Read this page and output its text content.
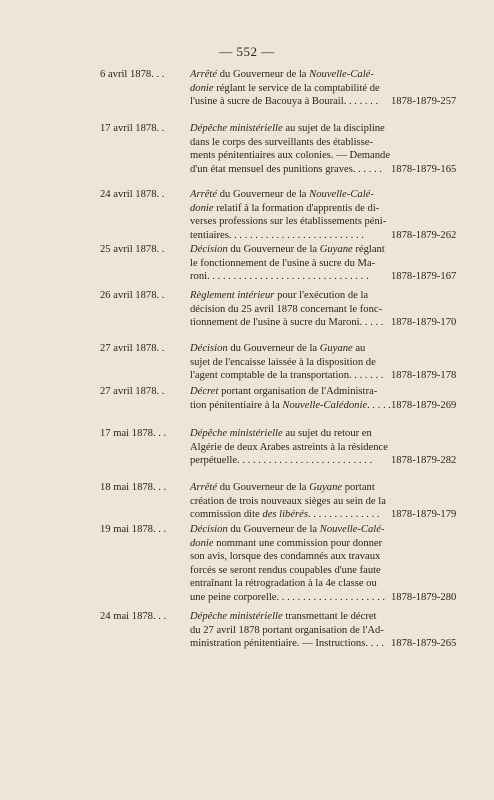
— 552 —
6 avril 1878. . . Arrêté du Gouverneur de la Nouvelle-Calé-
donie réglant le service de la comptabilité de
l'usine à sucre de Bacouya à Bourail. . . . . . .	1878-1879-257
17 avril 1878. . Dépêche ministérielle au sujet de la discipline
dans le corps des surveillants des établisse-
ments pénitentiaires aux colonies. — Demande
d'un état mensuel des punitions graves. . . . . . 1878-1879-165
24 avril 1878. . Arrêté du Gouverneur de la Nouvelle-Calé-
donie relatif à la formation d'apprentis de di-
verses professions sur les établissements péni-
tentiaires. . . . . . . . . . . . . . . . . . . . . . . . . .	1878-1879-262
25 avril 1878. . Décision du Gouverneur de la Guyane réglant
le fonctionnement de l'usine à sucre du Ma-
roni. . . . . . . . . . . . . . . . . . . . . . . . . . . . . . .	1878-1879-167
26 avril 1878. . Règlement intérieur pour l'exécution de la
décision du 25 avril 1878 concernant le fonc-
tionnement de l'usine à sucre du Maroni. . . . . 1878-1879-170
27 avril 1878. . Décision du Gouverneur de la Guyane au
sujet de l'encaisse laissée à la disposition de
l'agent comptable de la transportation. . . . . . . 1878-1879-178
27 avril 1878. . Décret portant organisation de l'Administra-
tion pénitentiaire à la Nouvelle-Calédonie. . . . . 1878-1879-269
17 mai 1878. . . Dépêche ministérielle au sujet du retour en
Algérie de deux Arabes astreints à la résidence
perpétuelle. . . . . . . . . . . . . . . . . . . . . . . . . .	1878-1879-282
18 mai 1878. . . Arrêté du Gouverneur de la Guyane portant
création de trois nouveaux sièges au sein de la
commission dite des libérés. . . . . . . . . . . . . .	1878-1879-179
19 mai 1878. . . Décision du Gouverneur de la Nouvelle-Calé-
donie nommant une commission pour donner
son avis, lorsque des condamnés aux travaux
forcés se seront rendus coupables d'une faute
entraînant la rétrogradation à la 4e classe ou
une peine corporelle. . . . . . . . . . . . . . . . . . . . . 1878-1879-280
24 mai 1878. . . Dépêche ministérielle transmettant le décret
du 27 avril 1878 portant organisation de l'Ad-
ministration pénitentiaire. — Instructions. . . . 1878-1879-265
